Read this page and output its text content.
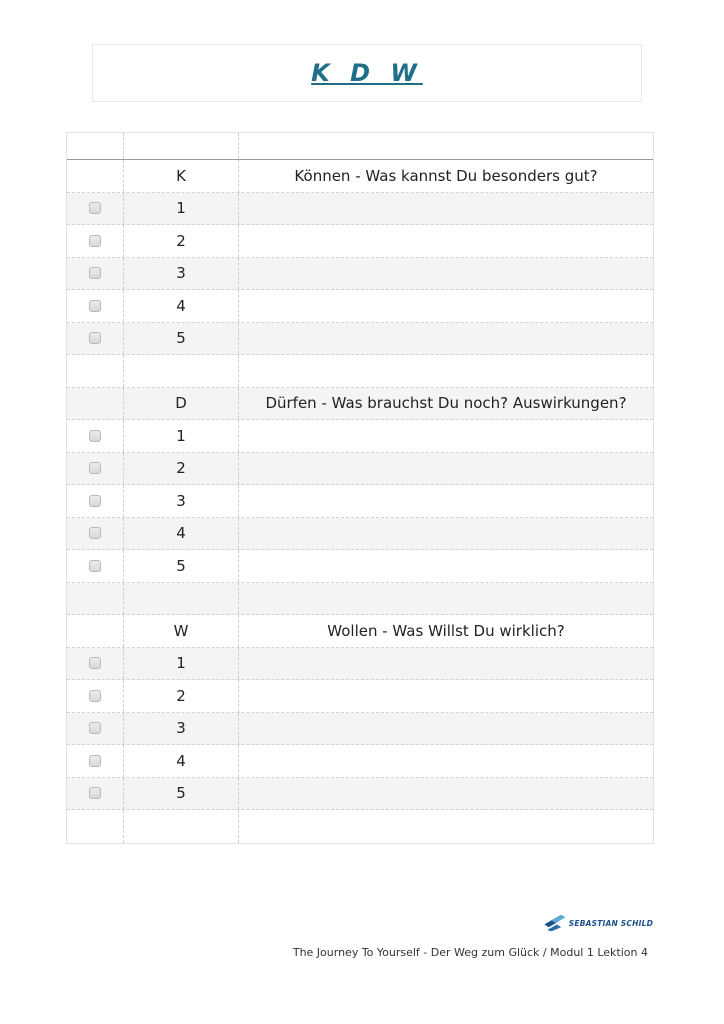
K D W
K	Können - Was kannst Du besonders gut?
1
2
3
4
5
D	Dürfen - Was brauchst Du noch? Auswirkungen?
1
2
3
4
5
W	Wollen - Was Willst Du wirklich?
1
2
3
4
5
SEBASTIAN SCHILD
The Journey To Yourself - Der Weg zum Glück / Modul 1 Lektion 4
